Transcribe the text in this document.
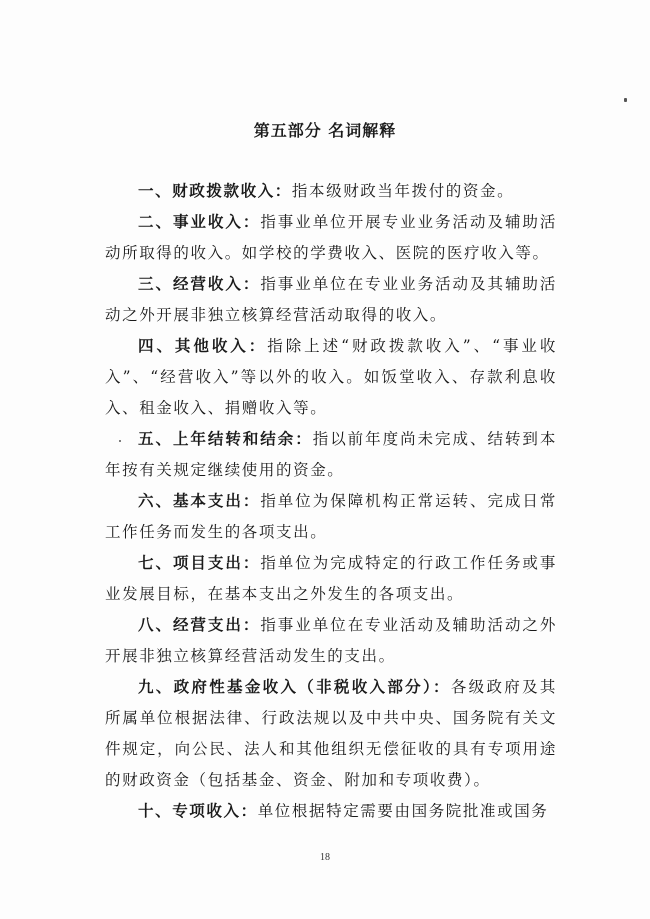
第五部分 名词解释

一、财政拨款收入：指本级财政当年拨付的资金。

二、事业收入：指事业单位开展专业业务活动及辅助活动所取得的收入。如学校的学费收入、医院的医疗收入等。

三、经营收入：指事业单位在专业业务活动及其辅助活动之外开展非独立核算经营活动取得的收入。

四、其他收入：指除上述“财政拨款收入”、“事业收入”、“经营收入”等以外的收入。如饭堂收入、存款利息收入、租金收入、捐赠收入等。

五、上年结转和结余：指以前年度尚未完成、结转到本年按有关规定继续使用的资金。

六、基本支出：指单位为保障机构正常运转、完成日常工作任务而发生的各项支出。

七、项目支出：指单位为完成特定的行政工作任务或事业发展目标，在基本支出之外发生的各项支出。

八、经营支出：指事业单位在专业活动及辅助活动之外开展非独立核算经营活动发生的支出。

九、政府性基金收入（非税收入部分）：各级政府及其所属单位根据法律、行政法规以及中共中央、国务院有关文件规定，向公民、法人和其他组织无偿征收的具有专项用途的财政资金（包括基金、资金、附加和专项收费）。

十、专项收入：单位根据特定需要由国务院批准或国务

18
